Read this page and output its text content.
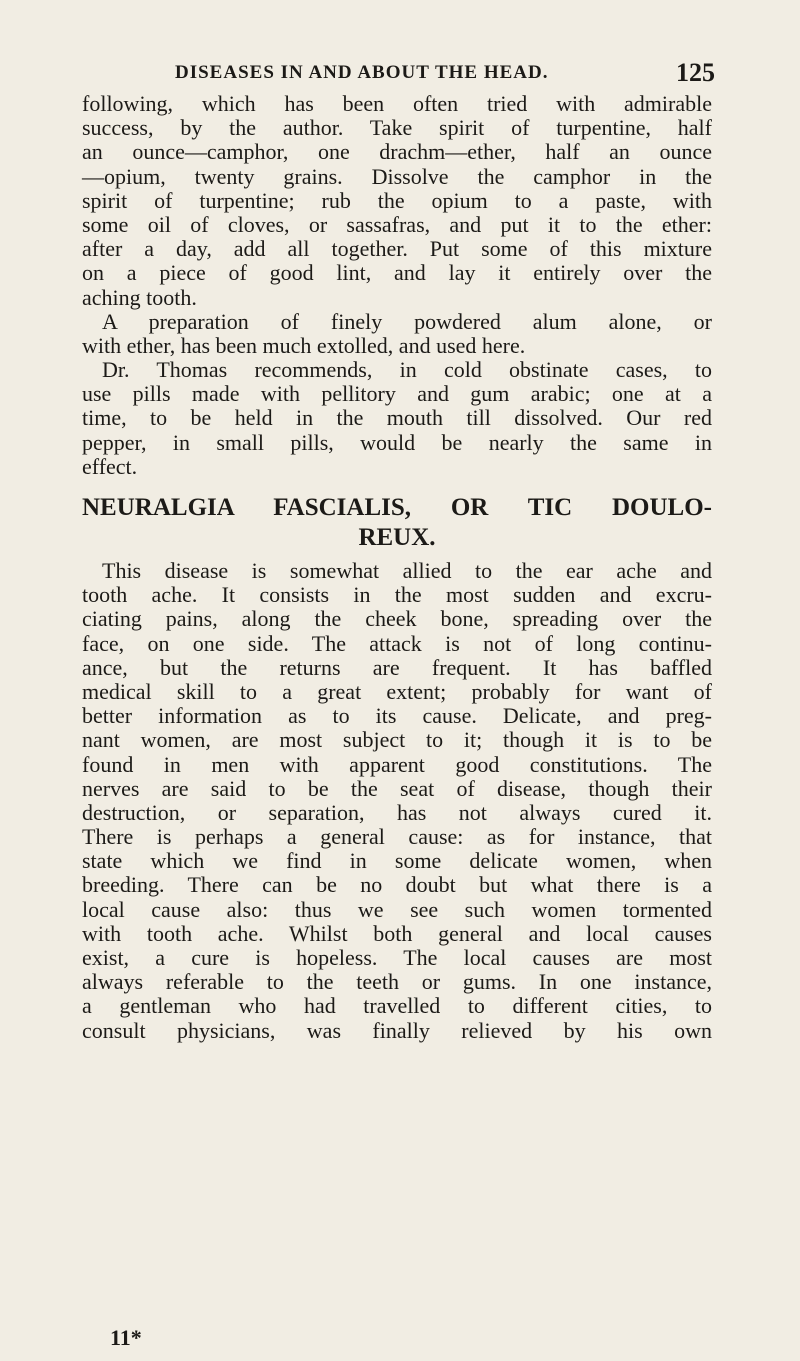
DISEASES IN AND ABOUT THE HEAD.	125
following, which has been often tried with admirable
success, by the author. Take spirit of turpentine, half
an ounce—camphor, one drachm—ether, half an ounce
—opium, twenty grains. Dissolve the camphor in the
spirit of turpentine; rub the opium to a paste, with
some oil of cloves, or sassafras, and put it to the ether:
after a day, add all together. Put some of this mixture
on a piece of good lint, and lay it entirely over the
aching tooth.
A preparation of finely powdered alum alone, or
with ether, has been much extolled, and used here.
Dr. Thomas recommends, in cold obstinate cases, to
use pills made with pellitory and gum arabic; one at a
time, to be held in the mouth till dissolved. Our red
pepper, in small pills, would be nearly the same in
effect.
NEURALGIA FASCIALIS, OR TIC DOULO-
REUX.
This disease is somewhat allied to the ear ache and
tooth ache. It consists in the most sudden and excru-
ciating pains, along the cheek bone, spreading over the
face, on one side. The attack is not of long continu-
ance, but the returns are frequent. It has baffled
medical skill to a great extent; probably for want of
better information as to its cause. Delicate, and preg-
nant women, are most subject to it; though it is to be
found in men with apparent good constitutions. The
nerves are said to be the seat of disease, though their
destruction, or separation, has not always cured it.
There is perhaps a general cause: as for instance, that
state which we find in some delicate women, when
breeding. There can be no doubt but what there is a
local cause also: thus we see such women tormented
with tooth ache. Whilst both general and local causes
exist, a cure is hopeless. The local causes are most
always referable to the teeth or gums. In one instance,
a gentleman who had travelled to different cities, to
consult physicians, was finally relieved by his own
11*
